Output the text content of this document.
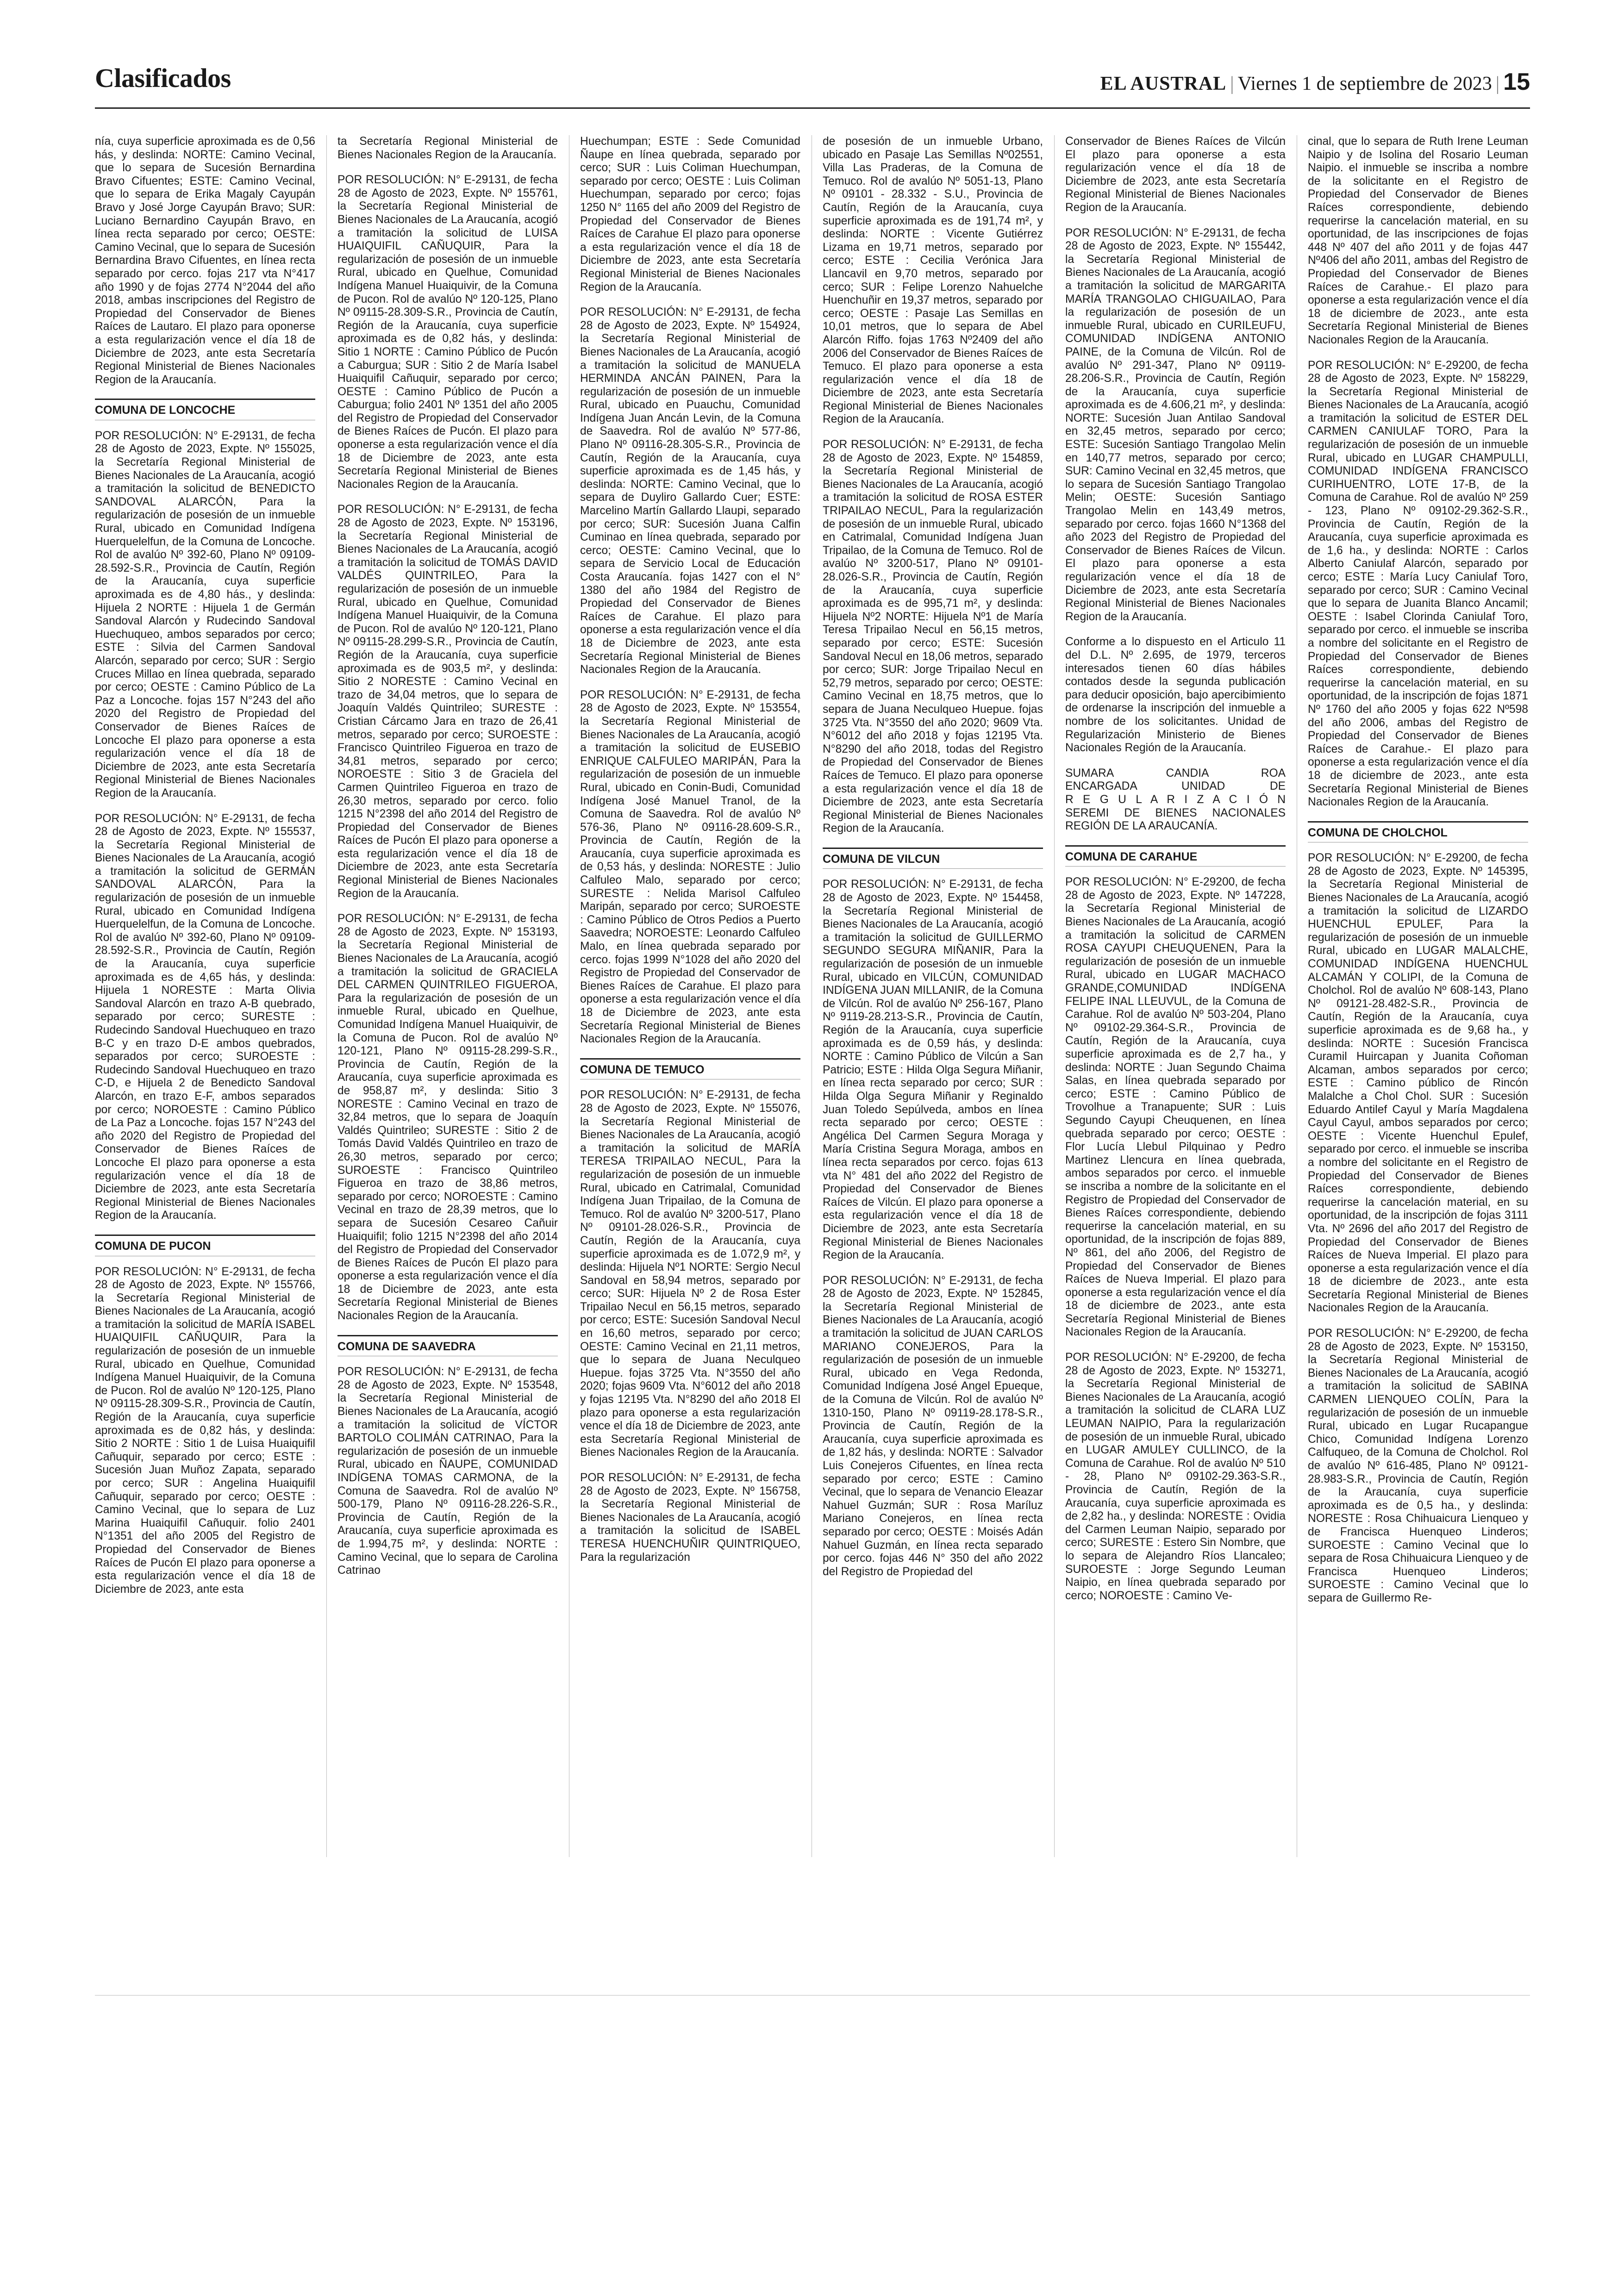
Clasificados	EL AUSTRAL | Viernes 1 de septiembre de 2023 | 15
nía, cuya superficie aproximada es de 0,56 hás, y deslinda: NORTE: Camino Vecinal, que lo separa de Sucesión Bernardina Bravo Cifuentes; ESTE: Camino Vecinal, que lo separa de Erika Magaly Cayupán Bravo y José Jorge Cayupán Bravo; SUR: Luciano Bernardino Cayupán Bravo, en línea recta separado por cerco; OESTE: Camino Vecinal, que lo separa de Sucesión Bernardina Bravo Cifuentes, en línea recta separado por cerco. fojas 217 vta N°417 año 1990 y de fojas 2774 N°2044 del año 2018, ambas inscripciones del Registro de Propiedad del Conservador de Bienes Raíces de Lautaro. El plazo para oponerse a esta regularización vence el día 18 de Diciembre de 2023, ante esta Secretaría Regional Ministerial de Bienes Nacionales Region de la Araucanía.
COMUNA DE LONCOCHE
POR RESOLUCIÓN: N° E-29131, de fecha 28 de Agosto de 2023, Expte. Nº 155025, la Secretaría Regional Ministerial de Bienes Nacionales de La Araucanía, acogió a tramitación la solicitud de BENEDICTO SANDOVAL ALARCÓN, Para la regularización de posesión de un inmueble Rural, ubicado en Comunidad Indígena Huerquelelfun, de la Comuna de Loncoche. Rol de avalúo Nº 392-60, Plano Nº 09109-28.592-S.R., Provincia de Cautín, Región de la Araucanía, cuya superficie aproximada es de 4,80 hás., y deslinda: Hijuela 2 NORTE : Hijuela 1 de Germán Sandoval Alarcón y Rudecindo Sandoval Huechuqueo, ambos separados por cerco; ESTE : Silvia del Carmen Sandoval Alarcón, separado por cerco; SUR : Sergio Cruces Millao en línea quebrada, separado por cerco; OESTE : Camino Público de La Paz a Loncoche. fojas 157 N°243 del año 2020 del Registro de Propiedad del Conservador de Bienes Raíces de Loncoche El plazo para oponerse a esta regularización vence el día 18 de Diciembre de 2023, ante esta Secretaría Regional Ministerial de Bienes Nacionales Region de la Araucanía.
POR RESOLUCIÓN: N° E-29131, de fecha 28 de Agosto de 2023, Expte. Nº 155537, la Secretaría Regional Ministerial de Bienes Nacionales de La Araucanía, acogió a tramitación la solicitud de GERMÁN SANDOVAL ALARCÓN, Para la regularización de posesión de un inmueble Rural, ubicado en Comunidad Indígena Huerquelelfun, de la Comuna de Loncoche. Rol de avalúo Nº 392-60, Plano Nº 09109-28.592-S.R., Provincia de Cautín, Región de la Araucanía, cuya superficie aproximada es de 4,65 hás, y deslinda: Hijuela 1 NORESTE : Marta Olivia Sandoval Alarcón en trazo A-B quebrado, separado por cerco; SURESTE : Rudecindo Sandoval Huechuqueo en trazo B-C y en trazo D-E ambos quebrados, separados por cerco; SUROESTE : Rudecindo Sandoval Huechuqueo en trazo C-D, e Hijuela 2 de Benedicto Sandoval Alarcón, en trazo E-F, ambos separados por cerco; NOROESTE : Camino Público de La Paz a Loncoche. fojas 157 N°243 del año 2020 del Registro de Propiedad del Conservador de Bienes Raíces de Loncoche El plazo para oponerse a esta regularización vence el día 18 de Diciembre de 2023, ante esta Secretaría Regional Ministerial de Bienes Nacionales Region de la Araucanía.
COMUNA DE PUCON
POR RESOLUCIÓN: N° E-29131, de fecha 28 de Agosto de 2023, Expte. Nº 155766, la Secretaría Regional Ministerial de Bienes Nacionales de La Araucanía, acogió a tramitación la solicitud de MARÍA ISABEL HUAIQUIFIL CAÑUQUIR, Para la regularización de posesión de un inmueble Rural, ubicado en Quelhue, Comunidad Indígena Manuel Huaiquivir, de la Comuna de Pucon. Rol de avalúo Nº 120-125, Plano Nº 09115-28.309-S.R., Provincia de Cautín, Región de la Araucanía, cuya superficie aproximada es de 0,82 hás, y deslinda: Sitio 2 NORTE : Sitio 1 de Luisa Huaiquifil Cañuquir, separado por cerco; ESTE : Sucesión Juan Muñoz Zapata, separado por cerco; SUR : Angelina Huaiquifil Cañuquir, separado por cerco; OESTE : Camino Vecinal, que lo separa de Luz Marina Huaiquifil Cañuquir. folio 2401 N°1351 del año 2005 del Registro de Propiedad del Conservador de Bienes Raíces de Pucón El plazo para oponerse a esta regularización vence el día 18 de Diciembre de 2023, ante esta
ta Secretaría Regional Ministerial de Bienes Nacionales Region de la Araucanía.
POR RESOLUCIÓN: N° E-29131, de fecha 28 de Agosto de 2023, Expte. Nº 155761, la Secretaría Regional Ministerial de Bienes Nacionales de La Araucanía, acogió a tramitación la solicitud de LUISA HUAIQUIFIL CAÑUQUIR, Para la regularización de posesión de un inmueble Rural, ubicado en Quelhue, Comunidad Indígena Manuel Huaiquivir, de la Comuna de Pucon. Rol de avalúo Nº 120-125, Plano Nº 09115-28.309-S.R., Provincia de Cautín, Región de la Araucanía, cuya superficie aproximada es de 0,82 hás, y deslinda: Sitio 1 NORTE : Camino Público de Pucón a Caburgua; SUR : Sitio 2 de María Isabel Huaiquifil Cañuquir, separado por cerco; OESTE : Camino Público de Pucón a Caburgua; folio 2401 Nº 1351 del año 2005 del Registro de Propiedad del Conservador de Bienes Raíces de Pucón. El plazo para oponerse a esta regularización vence el día 18 de Diciembre de 2023, ante esta Secretaría Regional Ministerial de Bienes Nacionales Region de la Araucanía.
POR RESOLUCIÓN: N° E-29131, de fecha 28 de Agosto de 2023, Expte. Nº 153196, la Secretaría Regional Ministerial de Bienes Nacionales de La Araucanía, acogió a tramitación la solicitud de TOMÁS DAVID VALDÉS QUINTRILEO, Para la regularización de posesión de un inmueble Rural, ubicado en Quelhue, Comunidad Indígena Manuel Huaiquivir, de la Comuna de Pucon. Rol de avalúo Nº 120-121, Plano Nº 09115-28.299-S.R., Provincia de Cautín, Región de la Araucanía, cuya superficie aproximada es de 903,5 m², y deslinda: Sitio 2 NORESTE : Camino Vecinal en trazo de 34,04 metros, que lo separa de Joaquín Valdés Quintrileo; SURESTE : Cristian Cárcamo Jara en trazo de 26,41 metros, separado por cerco; SUROESTE : Francisco Quintrileo Figueroa en trazo de 34,81 metros, separado por cerco; NOROESTE : Sitio 3 de Graciela del Carmen Quintrileo Figueroa en trazo de 26,30 metros, separado por cerco. folio 1215 N°2398 del año 2014 del Registro de Propiedad del Conservador de Bienes Raíces de Pucón El plazo para oponerse a esta regularización vence el día 18 de Diciembre de 2023, ante esta Secretaría Regional Ministerial de Bienes Nacionales Region de la Araucanía.
POR RESOLUCIÓN: N° E-29131, de fecha 28 de Agosto de 2023, Expte. Nº 153193, la Secretaría Regional Ministerial de Bienes Nacionales de La Araucanía, acogió a tramitación la solicitud de GRACIELA DEL CARMEN QUINTRILEO FIGUEROA, Para la regularización de posesión de un inmueble Rural, ubicado en Quelhue, Comunidad Indígena Manuel Huaiquivir, de la Comuna de Pucon. Rol de avalúo Nº 120-121, Plano Nº 09115-28.299-S.R., Provincia de Cautín, Región de la Araucanía, cuya superficie aproximada es de 958,87 m², y deslinda: Sitio 3 NORESTE : Camino Vecinal en trazo de 32,84 metros, que lo separa de Joaquín Valdés Quintrileo; SURESTE : Sitio 2 de Tomás David Valdés Quintrileo en trazo de 26,30 metros, separado por cerco; SUROESTE : Francisco Quintrileo Figueroa en trazo de 38,86 metros, separado por cerco; NOROESTE : Camino Vecinal en trazo de 28,39 metros, que lo separa de Sucesión Cesareo Cañuir Huaiquifil; folio 1215 N°2398 del año 2014 del Registro de Propiedad del Conservador de Bienes Raíces de Pucón El plazo para oponerse a esta regularización vence el día 18 de Diciembre de 2023, ante esta Secretaría Regional Ministerial de Bienes Nacionales Region de la Araucanía.
COMUNA DE SAAVEDRA
POR RESOLUCIÓN: N° E-29131, de fecha 28 de Agosto de 2023, Expte. Nº 153548, la Secretaría Regional Ministerial de Bienes Nacionales de La Araucanía, acogió a tramitación la solicitud de VÍCTOR BARTOLO COLIMÁN CATRINAO, Para la regularización de posesión de un inmueble Rural, ubicado en ÑAUPE, COMUNIDAD INDÍGENA TOMAS CARMONA, de la Comuna de Saavedra. Rol de avalúo Nº 500-179, Plano Nº 09116-28.226-S.R., Provincia de Cautín, Región de la Araucanía, cuya superficie aproximada es de 1.994,75 m², y deslinda: NORTE : Camino Vecinal, que lo separa de Carolina Catrinao
Huechumpan; ESTE : Sede Comunidad Ñaupe en línea quebrada, separado por cerco; SUR : Luis Coliman Huechumpan, separado por cerco; OESTE : Luis Coliman Huechumpan, separado por cerco; fojas 1250 N° 1165 del año 2009 del Registro de Propiedad del Conservador de Bienes Raíces de Carahue El plazo para oponerse a esta regularización vence el día 18 de Diciembre de 2023, ante esta Secretaría Regional Ministerial de Bienes Nacionales Region de la Araucanía.
POR RESOLUCIÓN: N° E-29131, de fecha 28 de Agosto de 2023, Expte. Nº 154924, la Secretaría Regional Ministerial de Bienes Nacionales de La Araucanía, acogió a tramitación la solicitud de MANUELA HERMINDA ANCÁN PAINEN, Para la regularización de posesión de un inmueble Rural, ubicado en Puauchu, Comunidad Indígena Juan Ancán Levin, de la Comuna de Saavedra. Rol de avalúo Nº 577-86, Plano Nº 09116-28.305-S.R., Provincia de Cautín, Región de la Araucanía, cuya superficie aproximada es de 1,45 hás, y deslinda: NORTE: Camino Vecinal, que lo separa de Duyliro Gallardo Cuer; ESTE: Marcelino Martín Gallardo Llaupi, separado por cerco; SUR: Sucesión Juana Calfin Cuminao en línea quebrada, separado por cerco; OESTE: Camino Vecinal, que lo separa de Servicio Local de Educación Costa Araucanía. fojas 1427 con el N° 1380 del año 1984 del Registro de Propiedad del Conservador de Bienes Raíces de Carahue. El plazo para oponerse a esta regularización vence el día 18 de Diciembre de 2023, ante esta Secretaría Regional Ministerial de Bienes Nacionales Region de la Araucanía.
POR RESOLUCIÓN: N° E-29131, de fecha 28 de Agosto de 2023, Expte. Nº 153554, la Secretaría Regional Ministerial de Bienes Nacionales de La Araucanía, acogió a tramitación la solicitud de EUSEBIO ENRIQUE CALFULEO MARIPÁN, Para la regularización de posesión de un inmueble Rural, ubicado en Conin-Budi, Comunidad Indígena José Manuel Tranol, de la Comuna de Saavedra. Rol de avalúo Nº 576-36, Plano Nº 09116-28.609-S.R., Provincia de Cautín, Región de la Araucanía, cuya superficie aproximada es de 0,53 hás, y deslinda: NORESTE : Julio Calfuleo Malo, separado por cerco; SURESTE : Nelida Marisol Calfuleo Maripán, separado por cerco; SUROESTE : Camino Público de Otros Pedios a Puerto Saavedra; NOROESTE: Leonardo Calfuleo Malo, en línea quebrada separado por cerco. fojas 1999 N°1028 del año 2020 del Registro de Propiedad del Conservador de Bienes Raíces de Carahue. El plazo para oponerse a esta regularización vence el día 18 de Diciembre de 2023, ante esta Secretaría Regional Ministerial de Bienes Nacionales Region de la Araucanía.
COMUNA DE TEMUCO
POR RESOLUCIÓN: N° E-29131, de fecha 28 de Agosto de 2023, Expte. Nº 155076, la Secretaría Regional Ministerial de Bienes Nacionales de La Araucanía, acogió a tramitación la solicitud de MARÍA TERESA TRIPAILAO NECUL, Para la regularización de posesión de un inmueble Rural, ubicado en Catrimalal, Comunidad Indígena Juan Tripailao, de la Comuna de Temuco. Rol de avalúo Nº 3200-517, Plano Nº 09101-28.026-S.R., Provincia de Cautín, Región de la Araucanía, cuya superficie aproximada es de 1.072,9 m², y deslinda: Hijuela Nº1 NORTE: Sergio Necul Sandoval en 58,94 metros, separado por cerco; SUR: Hijuela Nº 2 de Rosa Ester Tripailao Necul en 56,15 metros, separado por cerco; ESTE: Sucesión Sandoval Necul en 16,60 metros, separado por cerco; OESTE: Camino Vecinal en 21,11 metros, que lo separa de Juana Neculqueo Huepue. fojas 3725 Vta. N°3550 del año 2020; fojas 9609 Vta. N°6012 del año 2018 y fojas 12195 Vta. N°8290 del año 2018 El plazo para oponerse a esta regularización vence el día 18 de Diciembre de 2023, ante esta Secretaría Regional Ministerial de Bienes Nacionales Region de la Araucanía.
POR RESOLUCIÓN: N° E-29131, de fecha 28 de Agosto de 2023, Expte. Nº 156758, la Secretaría Regional Ministerial de Bienes Nacionales de La Araucanía, acogió a tramitación la solicitud de ISABEL TERESA HUENCHUÑIR QUINTRIQUEO, Para la regularización
de posesión de un inmueble Urbano, ubicado en Pasaje Las Semillas Nº02551, Villa Las Praderas, de la Comuna de Temuco. Rol de avalúo Nº 5051-13, Plano Nº 09101 - 28.332 - S.U., Provincia de Cautín, Región de la Araucanía, cuya superficie aproximada es de 191,74 m², y deslinda: NORTE : Vicente Gutiérrez Lizama en 19,71 metros, separado por cerco; ESTE : Cecilia Verónica Jara Llancavil en 9,70 metros, separado por cerco; SUR : Felipe Lorenzo Nahuelche Huenchuñir en 19,37 metros, separado por cerco; OESTE : Pasaje Las Semillas en 10,01 metros, que lo separa de Abel Alarcón Riffo. fojas 1763 Nº2409 del año 2006 del Conservador de Bienes Raíces de Temuco. El plazo para oponerse a esta regularización vence el día 18 de Diciembre de 2023, ante esta Secretaría Regional Ministerial de Bienes Nacionales Region de la Araucanía.
POR RESOLUCIÓN: N° E-29131, de fecha 28 de Agosto de 2023, Expte. Nº 154859, la Secretaría Regional Ministerial de Bienes Nacionales de La Araucanía, acogió a tramitación la solicitud de ROSA ESTER TRIPAILAO NECUL, Para la regularización de posesión de un inmueble Rural, ubicado en Catrimalal, Comunidad Indígena Juan Tripailao, de la Comuna de Temuco. Rol de avalúo Nº 3200-517, Plano Nº 09101-28.026-S.R., Provincia de Cautín, Región de la Araucanía, cuya superficie aproximada es de 995,71 m², y deslinda: Hijuela Nº2 NORTE: Hijuela Nº1 de María Teresa Tripailao Necul en 56,15 metros, separado por cerco; ESTE: Sucesión Sandoval Necul en 18,06 metros, separado por cerco; SUR: Jorge Tripailao Necul en 52,79 metros, separado por cerco; OESTE: Camino Vecinal en 18,75 metros, que lo separa de Juana Neculqueo Huepue. fojas 3725 Vta. N°3550 del año 2020; 9609 Vta. N°6012 del año 2018 y fojas 12195 Vta. N°8290 del año 2018, todas del Registro de Propiedad del Conservador de Bienes Raíces de Temuco. El plazo para oponerse a esta regularización vence el día 18 de Diciembre de 2023, ante esta Secretaría Regional Ministerial de Bienes Nacionales Region de la Araucanía.
COMUNA DE VILCUN
POR RESOLUCIÓN: N° E-29131, de fecha 28 de Agosto de 2023, Expte. Nº 154458, la Secretaría Regional Ministerial de Bienes Nacionales de La Araucanía, acogió a tramitación la solicitud de GUILLERMO SEGUNDO SEGURA MIÑANIR, Para la regularización de posesión de un inmueble Rural, ubicado en VILCÚN, COMUNIDAD INDÍGENA JUAN MILLANIR, de la Comuna de Vilcún. Rol de avalúo Nº 256-167, Plano Nº 9119-28.213-S.R., Provincia de Cautín, Región de la Araucanía, cuya superficie aproximada es de 0,59 hás, y deslinda: NORTE : Camino Público de Vilcún a San Patricio; ESTE : Hilda Olga Segura Miñanir, en línea recta separado por cerco; SUR : Hilda Olga Segura Miñanir y Reginaldo Juan Toledo Sepúlveda, ambos en línea recta separado por cerco; OESTE : Angélica Del Carmen Segura Moraga y María Cristina Segura Moraga, ambos en línea recta separados por cerco. fojas 613 vta N° 481 del año 2022 del Registro de Propiedad del Conservador de Bienes Raíces de Vilcún. El plazo para oponerse a esta regularización vence el día 18 de Diciembre de 2023, ante esta Secretaría Regional Ministerial de Bienes Nacionales Region de la Araucanía.
POR RESOLUCIÓN: N° E-29131, de fecha 28 de Agosto de 2023, Expte. Nº 152845, la Secretaría Regional Ministerial de Bienes Nacionales de La Araucanía, acogió a tramitación la solicitud de JUAN CARLOS MARIANO CONEJEROS, Para la regularización de posesión de un inmueble Rural, ubicado en Vega Redonda, Comunidad Indígena José Angel Epueque, de la Comuna de Vilcún. Rol de avalúo Nº 1310-150, Plano Nº 09119-28.178-S.R., Provincia de Cautín, Región de la Araucanía, cuya superficie aproximada es de 1,82 hás, y deslinda: NORTE : Salvador Luis Conejeros Cifuentes, en línea recta separado por cerco; ESTE : Camino Vecinal, que lo separa de Venancio Eleazar Nahuel Guzmán; SUR : Rosa Maríluz Mariano Conejeros, en línea recta separado por cerco; OESTE : Moisés Adán Nahuel Guzmán, en línea recta separado por cerco. fojas 446 N° 350 del año 2022 del Registro de Propiedad del
Conservador de Bienes Raíces de Vilcún El plazo para oponerse a esta regularización vence el día 18 de Diciembre de 2023, ante esta Secretaría Regional Ministerial de Bienes Nacionales Region de la Araucanía.
POR RESOLUCIÓN: N° E-29131, de fecha 28 de Agosto de 2023, Expte. Nº 155442, la Secretaría Regional Ministerial de Bienes Nacionales de La Araucanía, acogió a tramitación la solicitud de MARGARITA MARÍA TRANGOLAO CHIGUAILAO, Para la regularización de posesión de un inmueble Rural, ubicado en CURILEUFU, COMUNIDAD INDÍGENA ANTONIO PAINE, de la Comuna de Vilcún. Rol de avalúo Nº 291-347, Plano Nº 09119-28.206-S.R., Provincia de Cautín, Región de la Araucanía, cuya superficie aproximada es de 4.606,21 m², y deslinda: NORTE: Sucesión Juan Antilao Sandoval en 32,45 metros, separado por cerco; ESTE: Sucesión Santiago Trangolao Melin en 140,77 metros, separado por cerco; SUR: Camino Vecinal en 32,45 metros, que lo separa de Sucesión Santiago Trangolao Melin; OESTE: Sucesión Santiago Trangolao Melin en 143,49 metros, separado por cerco. fojas 1660 N°1368 del año 2023 del Registro de Propiedad del Conservador de Bienes Raíces de Vilcun. El plazo para oponerse a esta regularización vence el día 18 de Diciembre de 2023, ante esta Secretaría Regional Ministerial de Bienes Nacionales Region de la Araucanía.
Conforme a lo dispuesto en el Articulo 11 del D.L. Nº 2.695, de 1979, terceros interesados tienen 60 días hábiles contados desde la segunda publicación para deducir oposición, bajo apercibimiento de ordenarse la inscripción del inmueble a nombre de los solicitantes. Unidad de Regularización Ministerio de Bienes Nacionales Región de la Araucanía.
SUMARA CANDIA ROA
ENCARGADA UNIDAD DE
R E G U L A R I Z A C I Ó N
SEREMI DE BIENES NACIONALES
REGIÓN DE LA ARAUCANÍA.
COMUNA DE CARAHUE
POR RESOLUCIÓN: N° E-29200, de fecha 28 de Agosto de 2023, Expte. Nº 147228, la Secretaría Regional Ministerial de Bienes Nacionales de La Araucanía, acogió a tramitación la solicitud de CARMEN ROSA CAYUPI CHEUQUENEN, Para la regularización de posesión de un inmueble Rural, ubicado en LUGAR MACHACO GRANDE,COMUNIDAD INDÍGENA FELIPE INAL LLEUVUL, de la Comuna de Carahue. Rol de avalúo Nº 503-204, Plano Nº 09102-29.364-S.R., Provincia de Cautín, Región de la Araucanía, cuya superficie aproximada es de 2,7 ha., y deslinda: NORTE : Juan Segundo Chaima Salas, en línea quebrada separado por cerco; ESTE : Camino Público de Trovolhue a Tranapuente; SUR : Luis Segundo Cayupi Cheuquenen, en línea quebrada separado por cerco; OESTE : Flor Lucía Llebul Pilquinao y Pedro Martinez Llencura en línea quebrada, ambos separados por cerco. el inmueble se inscriba a nombre de la solicitante en el Registro de Propiedad del Conservador de Bienes Raíces correspondiente, debiendo requerirse la cancelación material, en su oportunidad, de la inscripción de fojas 889, Nº 861, del año 2006, del Registro de Propiedad del Conservador de Bienes Raíces de Nueva Imperial. El plazo para oponerse a esta regularización vence el día 18 de diciembre de 2023., ante esta Secretaría Regional Ministerial de Bienes Nacionales Region de la Araucanía.
POR RESOLUCIÓN: N° E-29200, de fecha 28 de Agosto de 2023, Expte. Nº 153271, la Secretaría Regional Ministerial de Bienes Nacionales de La Araucanía, acogió a tramitación la solicitud de CLARA LUZ LEUMAN NAIPIO, Para la regularización de posesión de un inmueble Rural, ubicado en LUGAR AMULEY CULLINCO, de la Comuna de Carahue. Rol de avalúo Nº 510 - 28, Plano Nº 09102-29.363-S.R., Provincia de Cautín, Región de la Araucanía, cuya superficie aproximada es de 2,82 ha., y deslinda: NORESTE : Ovidia del Carmen Leuman Naipio, separado por cerco; SURESTE : Estero Sin Nombre, que lo separa de Alejandro Ríos Llancaleo; SUROESTE : Jorge Segundo Leuman Naipio, en línea quebrada separado por cerco; NOROESTE : Camino Ve-
cinal, que lo separa de Ruth Irene Leuman Naipio y de Isolina del Rosario Leuman Naipio. el inmueble se inscriba a nombre de la solicitante en el Registro de Propiedad del Conservador de Bienes Raíces correspondiente, debiendo requerirse la cancelación material, en su oportunidad, de las inscripciones de fojas 448 Nº 407 del año 2011 y de fojas 447 Nº406 del año 2011, ambas del Registro de Propiedad del Conservador de Bienes Raíces de Carahue.- El plazo para oponerse a esta regularización vence el día 18 de diciembre de 2023., ante esta Secretaría Regional Ministerial de Bienes Nacionales Region de la Araucanía.
POR RESOLUCIÓN: N° E-29200, de fecha 28 de Agosto de 2023, Expte. Nº 158229, la Secretaría Regional Ministerial de Bienes Nacionales de La Araucanía, acogió a tramitación la solicitud de ESTER DEL CARMEN CANIULAF TORO, Para la regularización de posesión de un inmueble Rural, ubicado en LUGAR CHAMPULLI, COMUNIDAD INDÍGENA FRANCISCO CURIHUENTRO, LOTE 17-B, de la Comuna de Carahue. Rol de avalúo Nº 259 - 123, Plano Nº 09102-29.362-S.R., Provincia de Cautín, Región de la Araucanía, cuya superficie aproximada es de 1,6 ha., y deslinda: NORTE : Carlos Alberto Caniulaf Alarcón, separado por cerco; ESTE : María Lucy Caniulaf Toro, separado por cerco; SUR : Camino Vecinal que lo separa de Juanita Blanco Ancamil; OESTE : Isabel Clorinda Caniulaf Toro, separado por cerco. el inmueble se inscriba a nombre del solicitante en el Registro de Propiedad del Conservador de Bienes Raíces correspondiente, debiendo requerirse la cancelación material, en su oportunidad, de la inscripción de fojas 1871 Nº 1760 del año 2005 y fojas 622 Nº598 del año 2006, ambas del Registro de Propiedad del Conservador de Bienes Raíces de Carahue.- El plazo para oponerse a esta regularización vence el día 18 de diciembre de 2023., ante esta Secretaría Regional Ministerial de Bienes Nacionales Region de la Araucanía.
COMUNA DE CHOLCHOL
POR RESOLUCIÓN: N° E-29200, de fecha 28 de Agosto de 2023, Expte. Nº 145395, la Secretaría Regional Ministerial de Bienes Nacionales de La Araucanía, acogió a tramitación la solicitud de LIZARDO HUENCHUL EPULEF, Para la regularización de posesión de un inmueble Rural, ubicado en LUGAR MALALCHE, COMUNIDAD INDÍGENA HUENCHUL ALCAMÁN Y COLIPI, de la Comuna de Cholchol. Rol de avalúo Nº 608-143, Plano Nº 09121-28.482-S.R., Provincia de Cautín, Región de la Araucanía, cuya superficie aproximada es de 9,68 ha., y deslinda: NORTE : Sucesión Francisca Curamil Huircapan y Juanita Coñoman Alcaman, ambos separados por cerco; ESTE : Camino público de Rincón Malalche a Chol Chol. SUR : Sucesión Eduardo Antilef Cayul y María Magdalena Cayul Cayul, ambos separados por cerco; OESTE : Vicente Huenchul Epulef, separado por cerco. el inmueble se inscriba a nombre del solicitante en el Registro de Propiedad del Conservador de Bienes Raíces correspondiente, debiendo requerirse la cancelación material, en su oportunidad, de la inscripción de fojas 3111 Vta. Nº 2696 del año 2017 del Registro de Propiedad del Conservador de Bienes Raíces de Nueva Imperial. El plazo para oponerse a esta regularización vence el día 18 de diciembre de 2023., ante esta Secretaría Regional Ministerial de Bienes Nacionales Region de la Araucanía.
POR RESOLUCIÓN: N° E-29200, de fecha 28 de Agosto de 2023, Expte. Nº 153150, la Secretaría Regional Ministerial de Bienes Nacionales de La Araucanía, acogió a tramitación la solicitud de SABINA CARMEN LIENQUEO COLÍN, Para la regularización de posesión de un inmueble Rural, ubicado en Lugar Rucapangue Chico, Comunidad Indígena Lorenzo Calfuqueo, de la Comuna de Cholchol. Rol de avalúo Nº 616-485, Plano Nº 09121-28.983-S.R., Provincia de Cautín, Región de la Araucanía, cuya superficie aproximada es de 0,5 ha., y deslinda: NORESTE : Rosa Chihuaicura Lienqueo y de Francisca Huenqueo Linderos; SUROESTE : Camino Vecinal que lo separa de Rosa Chihuaicura Lienqueo y de Francisca Huenqueo Linderos; SUROESTE : Camino Vecinal que lo separa de Guillermo Re-
